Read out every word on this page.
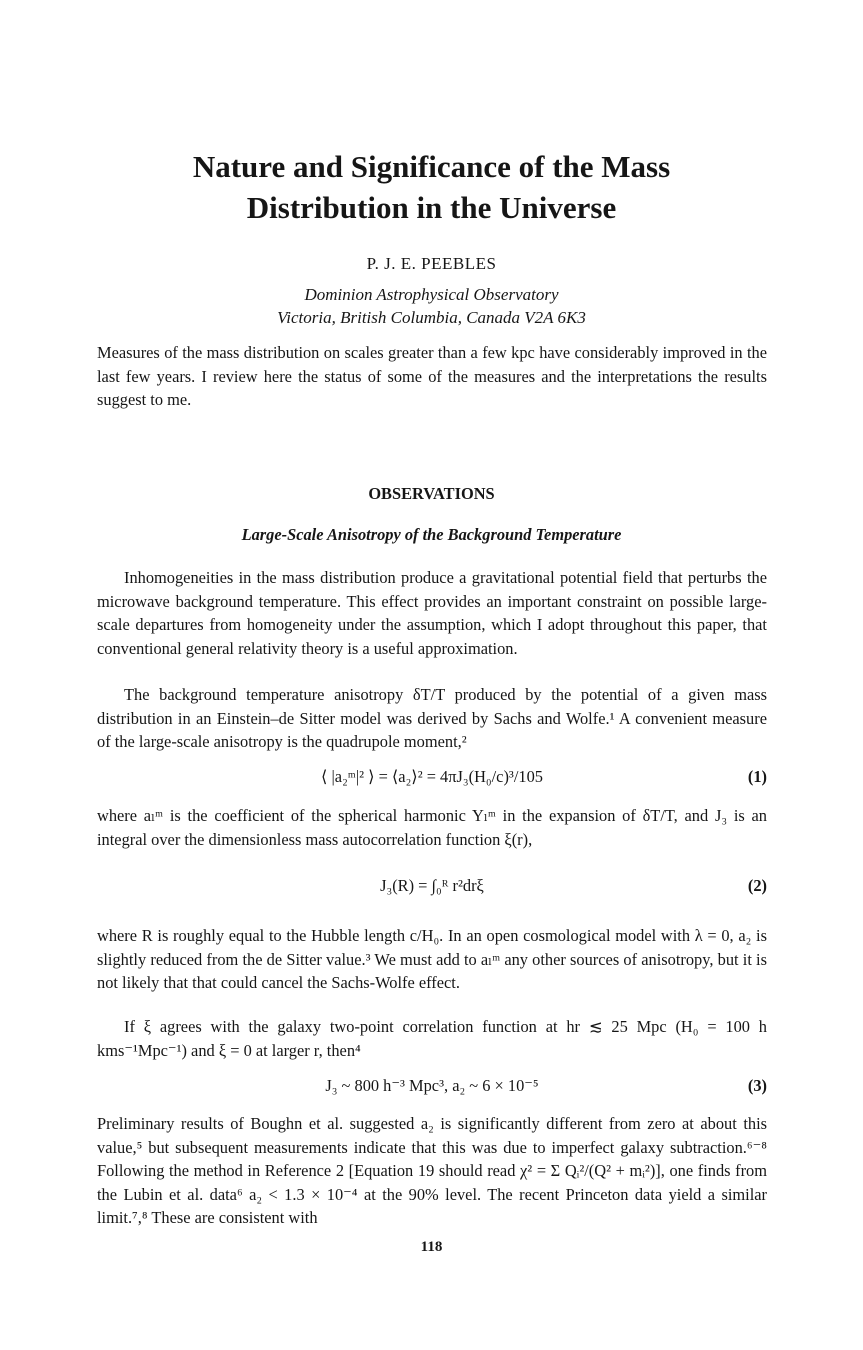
Nature and Significance of the Mass
Distribution in the Universe
P. J. E. PEEBLES
Dominion Astrophysical Observatory
Victoria, British Columbia, Canada V2A 6K3

Measures of the mass distribution on scales greater than a few kpc have considerably improved in the last few years. I review here the status of some of the measures and the interpretations the results suggest to me.

OBSERVATIONS
Large-Scale Anisotropy of the Background Temperature

Inhomogeneities in the mass distribution produce a gravitational potential field that perturbs the microwave background temperature. This effect provides an important constraint on possible large-scale departures from homogeneity under the assumption, which I adopt throughout this paper, that conventional general relativity theory is a useful approximation.

The background temperature anisotropy δT/T produced by the potential of a given mass distribution in an Einstein–de Sitter model was derived by Sachs and Wolfe.¹ A convenient measure of the large-scale anisotropy is the quadrupole moment,²

⟨ |a₂ᵐ|² ⟩ = ⟨a₂⟩² = 4πJ₃(H₀/c)³/105	(1)

where aₗᵐ is the coefficient of the spherical harmonic Yₗᵐ in the expansion of δT/T, and J₃ is an integral over the dimensionless mass autocorrelation function ξ(r),

J₃(R) = ∫₀ᴿ r²drξ	(2)

where R is roughly equal to the Hubble length c/H₀. In an open cosmological model with λ = 0, a₂ is slightly reduced from the de Sitter value.³ We must add to aₗᵐ any other sources of anisotropy, but it is not likely that that could cancel the Sachs-Wolfe effect.

If ξ agrees with the galaxy two-point correlation function at hr ≲ 25 Mpc (H₀ = 100 h kms⁻¹Mpc⁻¹) and ξ = 0 at larger r, then⁴

J₃ ~ 800 h⁻³ Mpc³, a₂ ~ 6 × 10⁻⁵	(3)

Preliminary results of Boughn et al. suggested a₂ is significantly different from zero at about this value,⁵ but subsequent measurements indicate that this was due to imperfect galaxy subtraction.⁶⁻⁸ Following the method in Reference 2 [Equation 19 should read χ² = Σ Qᵢ²/(Q² + mᵢ²)], one finds from the Lubin et al. data⁶ a₂ < 1.3 × 10⁻⁴ at the 90% level. The recent Princeton data yield a similar limit.⁷,⁸ These are consistent with

118
